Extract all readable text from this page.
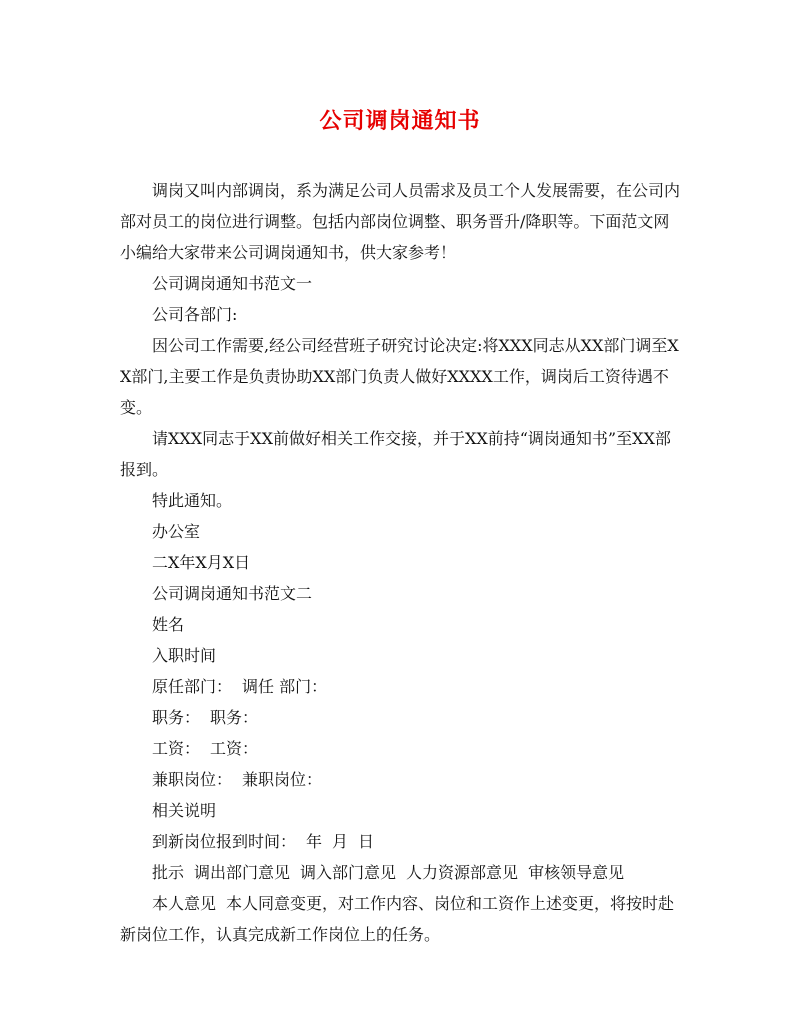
公司调岗通知书

调岗又叫内部调岗，系为满足公司人员需求及员工个人发展需要，在公司内部对员工的岗位进行调整。包括内部岗位调整、职务晋升/降职等。下面范文网小编给大家带来公司调岗通知书，供大家参考！

公司调岗通知书范文一

公司各部门:

因公司工作需要,经公司经营班子研究讨论决定:将XXX同志从XX部门调至XX部门,主要工作是负责协助XX部门负责人做好XXXX工作，调岗后工资待遇不变。

请XXX同志于XX前做好相关工作交接，并于XX前持“调岗通知书”至XX部报到。

特此通知。

办公室

二X年X月X日

公司调岗通知书范文二

姓名

入职时间

原任部门： 调任 部门：

职务： 职务：

工资： 工资：

兼职岗位： 兼职岗位：

相关说明

到新岗位报到时间： 年 月 日

批示 调出部门意见 调入部门意见 人力资源部意见 审核领导意见

本人意见 本人同意变更，对工作内容、岗位和工资作上述变更，将按时赴新岗位工作，认真完成新工作岗位上的任务。
